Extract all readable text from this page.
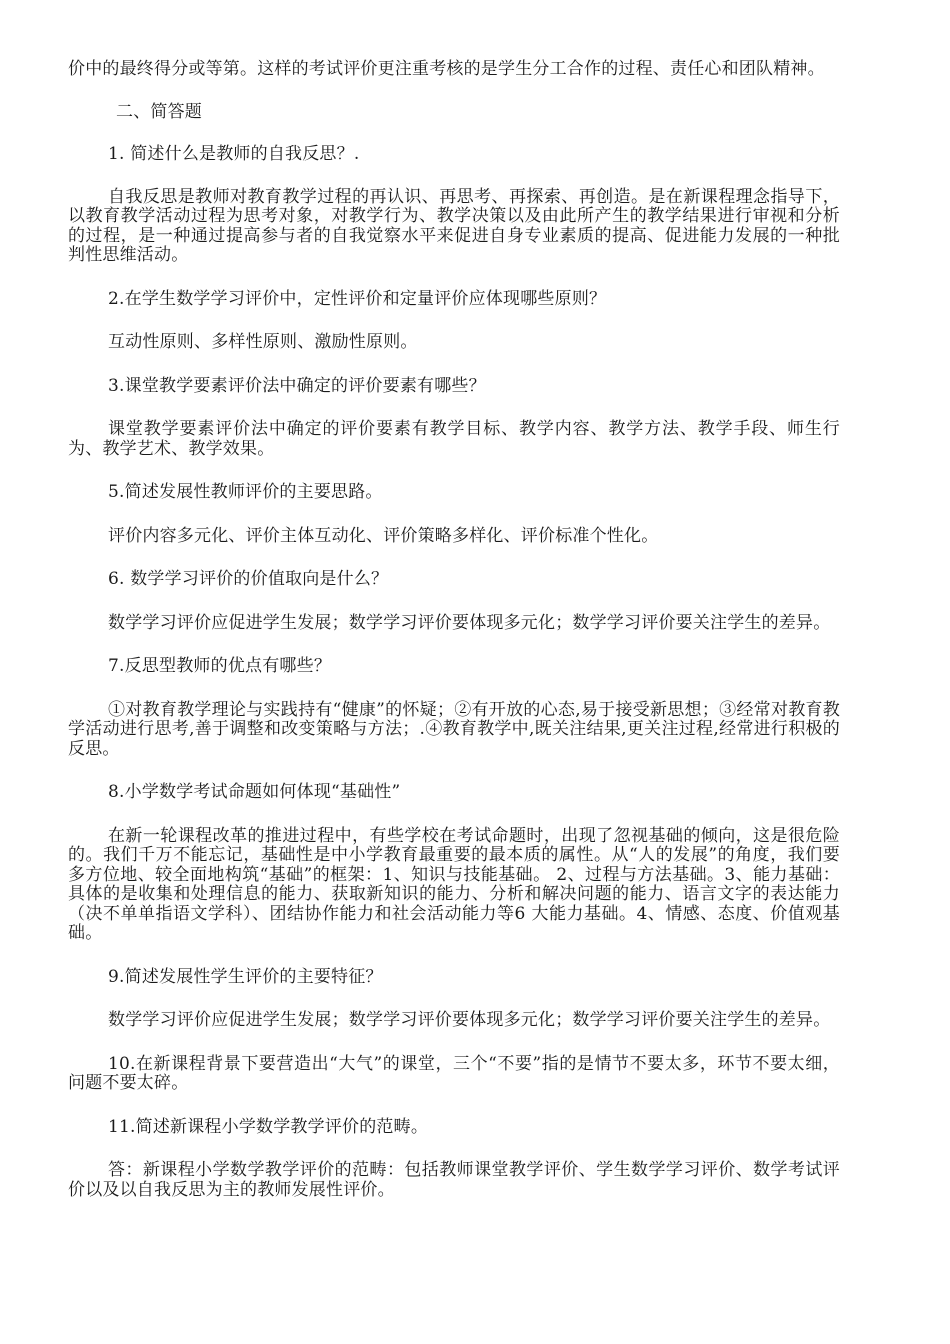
价中的最终得分或等第。这样的考试评价更注重考核的是学生分工合作的过程、责任心和团队精神。

二、简答题

1. 简述什么是教师的自我反思？.

自我反思是教师对教育教学过程的再认识、再思考、再探索、再创造。是在新课程理念指导下，以教育教学活动过程为思考对象，对教学行为、教学决策以及由此所产生的教学结果进行审视和分析的过程，是一种通过提高参与者的自我觉察水平来促进自身专业素质的提高、促进能力发展的一种批判性思维活动。

2.在学生数学学习评价中，定性评价和定量评价应体现哪些原则？

互动性原则、多样性原则、激励性原则。

3.课堂教学要素评价法中确定的评价要素有哪些？

课堂教学要素评价法中确定的评价要素有教学目标、教学内容、教学方法、教学手段、师生行为、教学艺术、教学效果。

5.简述发展性教师评价的主要思路。

评价内容多元化、评价主体互动化、评价策略多样化、评价标准个性化。

6. 数学学习评价的价值取向是什么？

数学学习评价应促进学生发展；数学学习评价要体现多元化；数学学习评价要关注学生的差异。

7.反思型教师的优点有哪些？

①对教育教学理论与实践持有“健康”的怀疑；②有开放的心态,易于接受新思想；③经常对教育教学活动进行思考,善于调整和改变策略与方法；.④教育教学中,既关注结果,更关注过程,经常进行积极的反思。

8.小学数学考试命题如何体现“基础性”

在新一轮课程改革的推进过程中，有些学校在考试命题时，出现了忽视基础的倾向，这是很危险的。我们千万不能忘记，基础性是中小学教育最重要的最本质的属性。从“人的发展”的角度，我们要多方位地、较全面地构筑“基础”的框架：1、知识与技能基础。 2、过程与方法基础。3、能力基础：具体的是收集和处理信息的能力、获取新知识的能力、分析和解决问题的能力、语言文字的表达能力（决不单单指语文学科）、团结协作能力和社会活动能力等6 大能力基础。4、情感、态度、价值观基础。

9.简述发展性学生评价的主要特征？

数学学习评价应促进学生发展；数学学习评价要体现多元化；数学学习评价要关注学生的差异。

10.在新课程背景下要营造出“大气”的课堂，三个“不要”指的是情节不要太多，环节不要太细，问题不要太碎。

11.简述新课程小学数学教学评价的范畴。

答：新课程小学数学教学评价的范畴：包括教师课堂教学评价、学生数学学习评价、数学考试评价以及以自我反思为主的教师发展性评价。
